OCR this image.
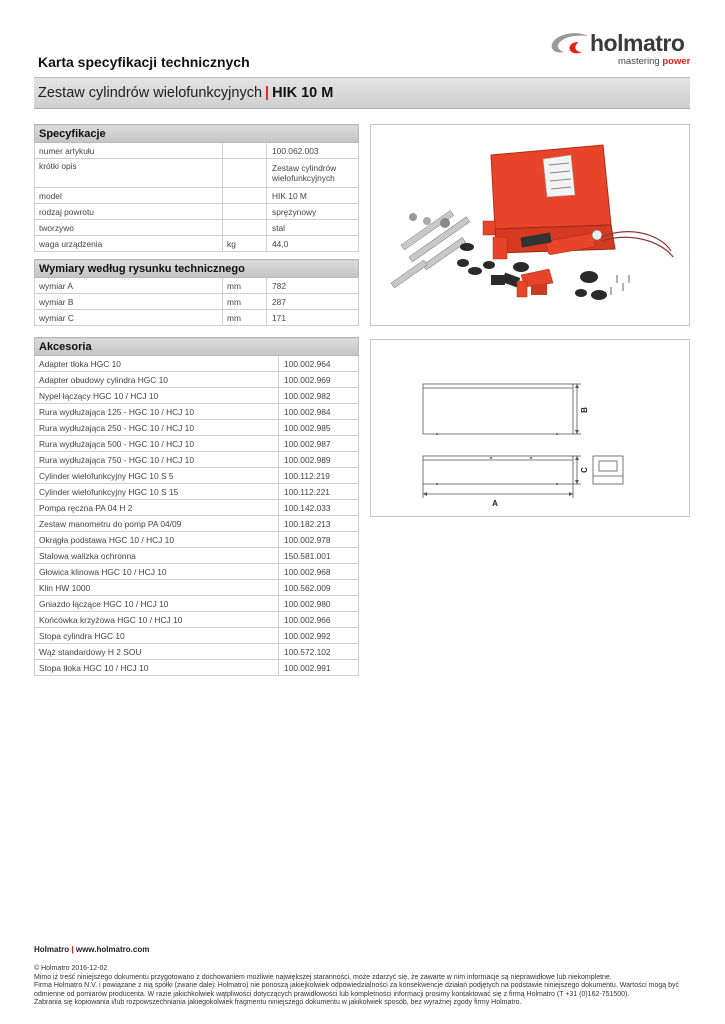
Karta specyfikacji technicznych
holmatro
mastering power
Zestaw cylindrów wielofunkcyjnych | HIK 10 M
Specyfikacje		
numer artykułu		100.062.003
krótki opis		Zestaw cylindrów wielofunkcyjnych
model		HIK 10 M
rodzaj powrotu		sprężynowy
tworzywo		stal
waga urządzenia	kg	44,0
Wymiary według rysunku technicznego		
wymiar A	mm	782
wymiar B	mm	287
wymiar C	mm	171
Akcesoria	
Adapter tłoka HGC 10	100.002.964
Adapter obudowy cylindra HGC 10	100.002.969
Nypel łączący HGC 10 / HCJ 10	100.002.982
Rura wydłużająca 125 - HGC 10 / HCJ 10	100.002.984
Rura wydłużająca 250 - HGC 10 / HCJ 10	100.002.985
Rura wydłużająca 500 - HGC 10 / HCJ 10	100.002.987
Rura wydłużająca 750 - HGC 10 / HCJ 10	100.002.989
Cylinder wielofunkcyjny HGC 10 S 5	100.112.219
Cylinder wielofunkcyjny HGC 10 S 15	100.112.221
Pompa ręczna PA 04 H 2	100.142.033
Zestaw manometru do pomp PA 04/09	100.182.213
Okrągła podstawa HGC 10 / HCJ 10	100.002.978
Stalowa walizka ochronna	150.581.001
Głowica klinowa HGC 10 / HCJ 10	100.002.968
Klin HW 1000	100.562.009
Gniazdo łączące HGC 10 / HCJ 10	100.002.980
Końcówka krzyżowa HGC 10 / HCJ 10	100.002.966
Stopa cylindra HGC 10	100.002.992
Wąż standardowy H 2 SOU	100.572.102
Stopa tłoka HGC 10 / HCJ 10	100.002.991
B
C
A
Holmatro | www.holmatro.com
© Holmatro 2016-12-02
Mimo iż treść niniejszego dokumentu przygotowano z dochowaniem możliwie największej staranności, może zdarzyć się, że zawarte w nim informacje są nieprawidłowe lub niekompletne.
Firma Holmatro N.V. i powiązane z nią spółki (zwane dalej: Holmatro) nie ponoszą jakiejkolwiek odpowiedzialności za konsekwencje działań podjętych na podstawie niniejszego dokumentu. Wartości mogą być odmienne od pomiarów producenta. W razie jakichkolwiek wątpliwości dotyczących prawidłowości lub kompletności informacji prosimy kontaktować się z firmą Holmatro (T +31 (0)162-751500).
Zabrania się kopiowania i/lub rozpowszechniania jakiegokolwiek fragmentu niniejszego dokumentu w jakikolwiek sposób, bez wyraźnej zgody firmy Holmatro.
